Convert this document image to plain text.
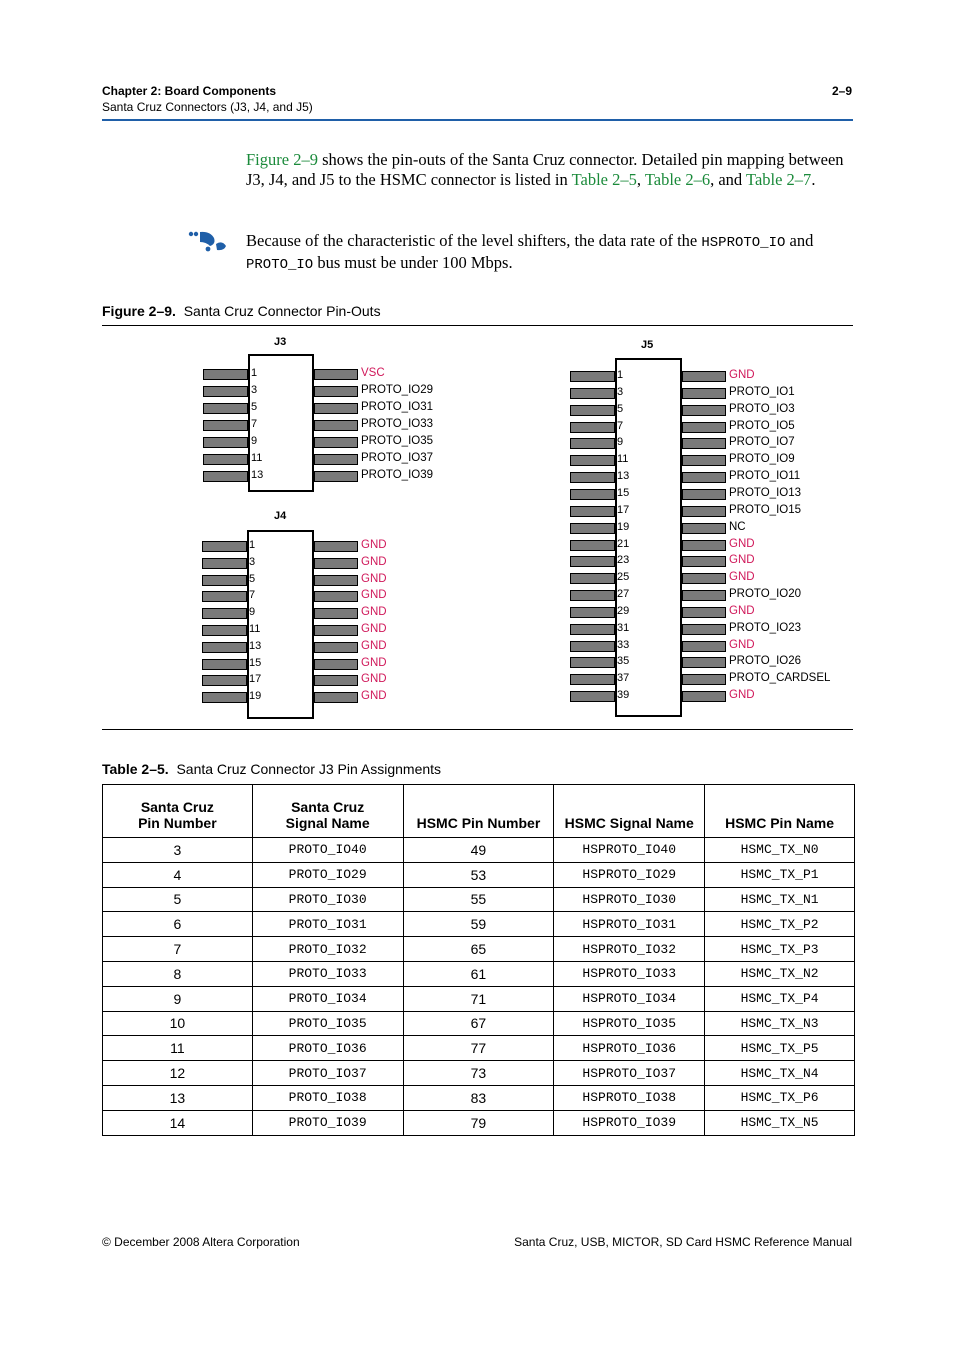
Chapter 2: Board Components
Santa Cruz Connectors (J3, J4, and J5)
2–9
Figure 2–9 shows the pin-outs of the Santa Cruz connector. Detailed pin mapping between J3, J4, and J5 to the HSMC connector is listed in Table 2–5, Table 2–6, and Table 2–7.
Because of the characteristic of the level shifters, the data rate of the HSPROTO_IO and
PROTO_IO bus must be under 100 Mbps.
Figure 2–9. Santa Cruz Connector Pin-Outs
J3
1
3
5
7
9
11
13
VSC
PROTO_IO29
PROTO_IO31
PROTO_IO33
PROTO_IO35
PROTO_IO37
PROTO_IO39
J4
1
3
5
7
9
11
13
15
17
19
GND
GND
GND
GND
GND
GND
GND
GND
GND
GND
J5
1
3
5
7
9
11
13
15
17
19
21
23
25
27
29
31
33
35
37
39
GND
PROTO_IO1
PROTO_IO3
PROTO_IO5
PROTO_IO7
PROTO_IO9
PROTO_IO11
PROTO_IO13
PROTO_IO15
NC
GND
GND
GND
PROTO_IO20
GND
PROTO_IO23
GND
PROTO_IO26
PROTO_CARDSEL
GND
Table 2–5. Santa Cruz Connector J3 Pin Assignments
Santa Cruz
Pin Number	Santa Cruz
Signal Name	HSMC Pin Number	HSMC Signal Name	HSMC Pin Name
3	PROTO_IO40	49	HSPROTO_IO40	HSMC_TX_N0
4	PROTO_IO29	53	HSPROTO_IO29	HSMC_TX_P1
5	PROTO_IO30	55	HSPROTO_IO30	HSMC_TX_N1
6	PROTO_IO31	59	HSPROTO_IO31	HSMC_TX_P2
7	PROTO_IO32	65	HSPROTO_IO32	HSMC_TX_P3
8	PROTO_IO33	61	HSPROTO_IO33	HSMC_TX_N2
9	PROTO_IO34	71	HSPROTO_IO34	HSMC_TX_P4
10	PROTO_IO35	67	HSPROTO_IO35	HSMC_TX_N3
11	PROTO_IO36	77	HSPROTO_IO36	HSMC_TX_P5
12	PROTO_IO37	73	HSPROTO_IO37	HSMC_TX_N4
13	PROTO_IO38	83	HSPROTO_IO38	HSMC_TX_P6
14	PROTO_IO39	79	HSPROTO_IO39	HSMC_TX_N5
© December 2008 Altera Corporation	Santa Cruz, USB, MICTOR, SD Card HSMC Reference Manual
